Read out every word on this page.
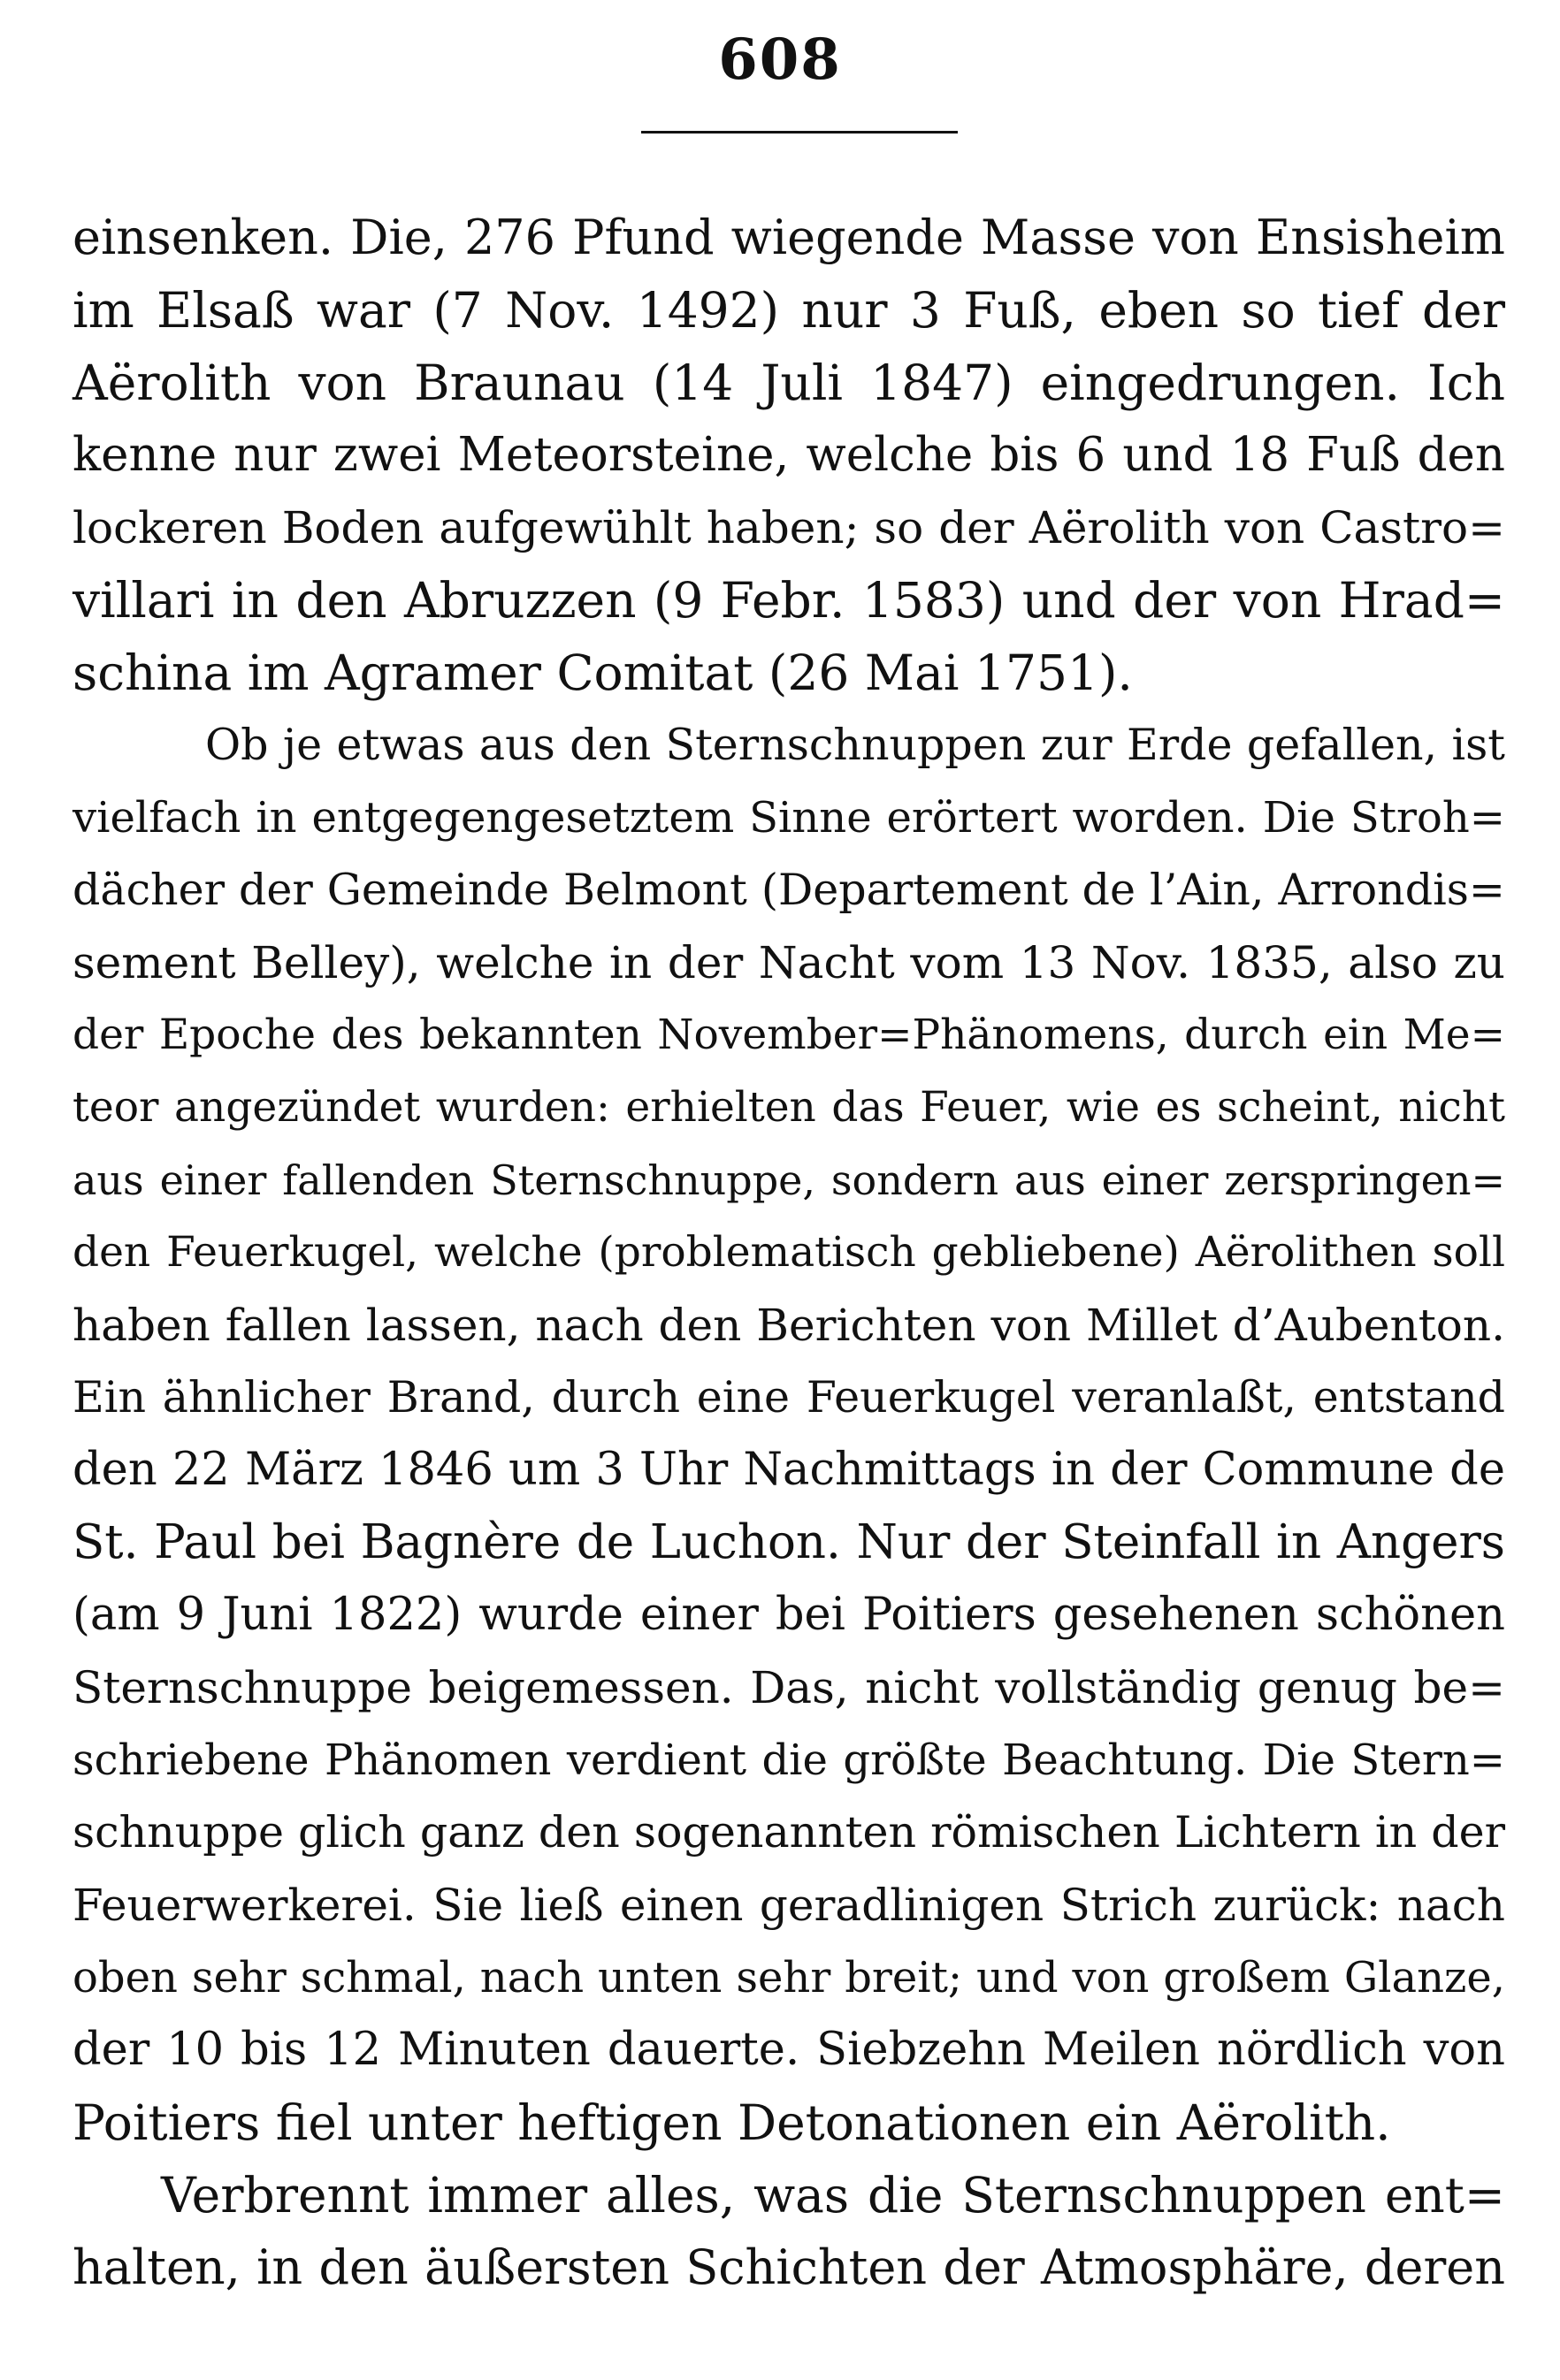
608
einsenken. Die, 276 Pfund wiegende Masse von Ensisheim
im Elsaß war (7 Nov. 1492) nur 3 Fuß, eben so tief der
Aërolith von Braunau (14 Juli 1847) eingedrungen. Ich
kenne nur zwei Meteorsteine, welche bis 6 und 18 Fuß den
lockeren Boden aufgewühlt haben; so der Aërolith von Castro=
villari in den Abruzzen (9 Febr. 1583) und der von Hrad=
schina im Agramer Comitat (26 Mai 1751).
Ob je etwas aus den Sternschnuppen zur Erde gefallen, ist
vielfach in entgegengesetztem Sinne erörtert worden. Die Stroh=
dächer der Gemeinde Belmont (Departement de l’Ain, Arrondis=
sement Belley), welche in der Nacht vom 13 Nov. 1835, also zu
der Epoche des bekannten November=Phänomens, durch ein Me=
teor angezündet wurden: erhielten das Feuer, wie es scheint, nicht
aus einer fallenden Sternschnuppe, sondern aus einer zerspringen=
den Feuerkugel, welche (problematisch gebliebene) Aërolithen soll
haben fallen lassen, nach den Berichten von Millet d’Aubenton.
Ein ähnlicher Brand, durch eine Feuerkugel veranlaßt, entstand
den 22 März 1846 um 3 Uhr Nachmittags in der Commune de
St. Paul bei Bagnère de Luchon. Nur der Steinfall in Angers
(am 9 Juni 1822) wurde einer bei Poitiers gesehenen schönen
Sternschnuppe beigemessen. Das, nicht vollständig genug be=
schriebene Phänomen verdient die größte Beachtung. Die Stern=
schnuppe glich ganz den sogenannten römischen Lichtern in der
Feuerwerkerei. Sie ließ einen geradlinigen Strich zurück: nach
oben sehr schmal, nach unten sehr breit; und von großem Glanze,
der 10 bis 12 Minuten dauerte. Siebzehn Meilen nördlich von
Poitiers fiel unter heftigen Detonationen ein Aërolith.
Verbrennt immer alles, was die Sternschnuppen ent=
halten, in den äußersten Schichten der Atmosphäre, deren
